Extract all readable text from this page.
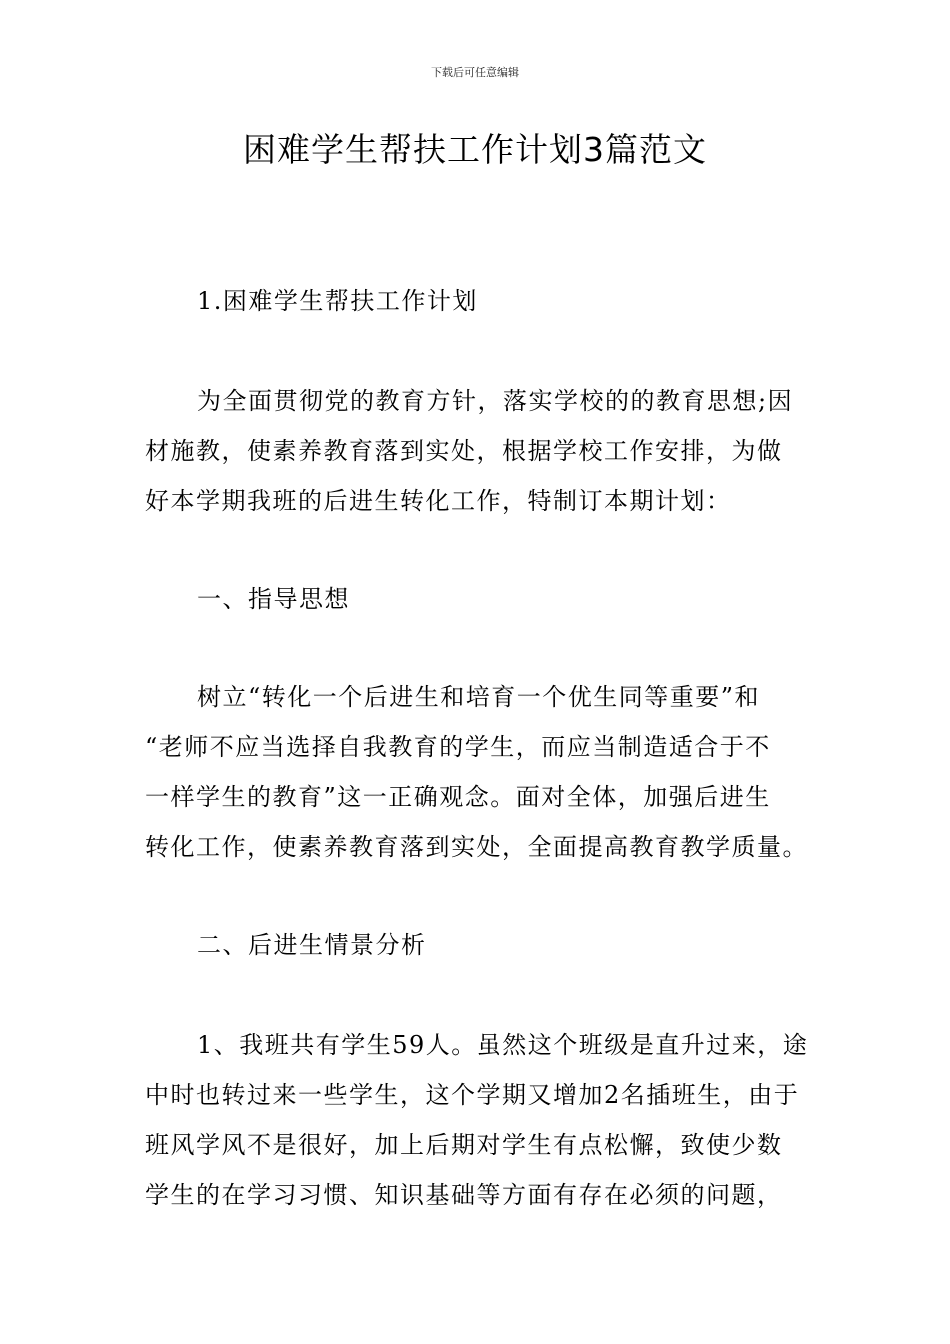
下载后可任意编辑
困难学生帮扶工作计划3篇范文

1.困难学生帮扶工作计划

为全面贯彻党的教育方针，落实学校的的教育思想;因
材施教，使素养教育落到实处，根据学校工作安排，为做
好本学期我班的后进生转化工作，特制订本期计划：

一、指导思想

树立“转化一个后进生和培育一个优生同等重要”和
“老师不应当选择自我教育的学生，而应当制造适合于不
一样学生的教育”这一正确观念。面对全体，加强后进生
转化工作，使素养教育落到实处，全面提高教育教学质量。

二、后进生情景分析

1、我班共有学生59人。虽然这个班级是直升过来，途
中时也转过来一些学生，这个学期又增加2名插班生，由于
班风学风不是很好，加上后期对学生有点松懈，致使少数
学生的在学习习惯、知识基础等方面有存在必须的问题，
